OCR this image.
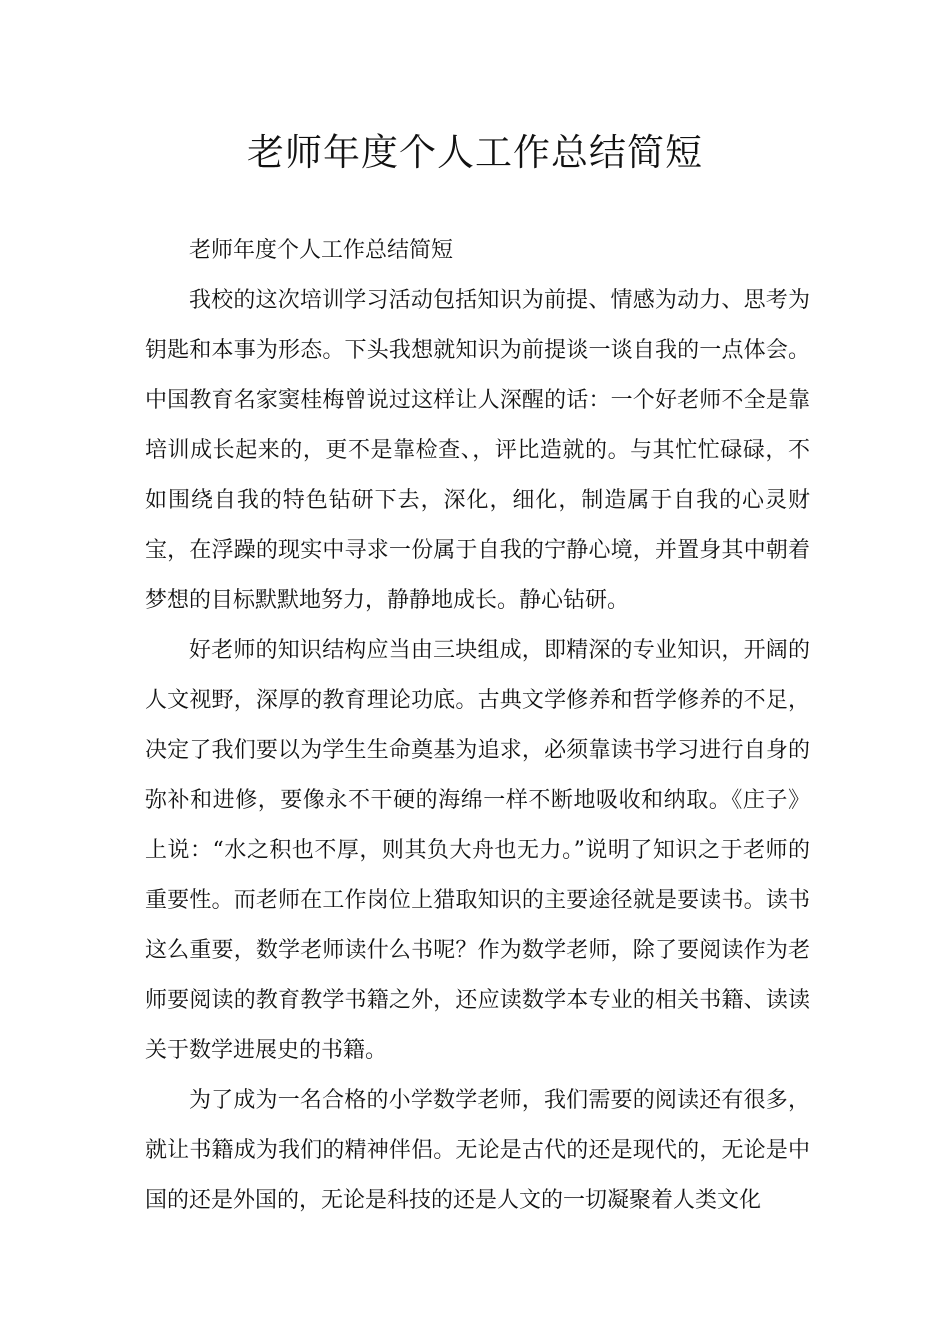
老师年度个人工作总结简短

老师年度个人工作总结简短

我校的这次培训学习活动包括知识为前提、情感为动力、思考为钥匙和本事为形态。下头我想就知识为前提谈一谈自我的一点体会。中国教育名家窦桂梅曾说过这样让人深醒的话：一个好老师不全是靠培训成长起来的，更不是靠检查、，评比造就的。与其忙忙碌碌，不如围绕自我的特色钻研下去，深化，细化，制造属于自我的心灵财宝，在浮躁的现实中寻求一份属于自我的宁静心境，并置身其中朝着梦想的目标默默地努力，静静地成长。静心钻研。

好老师的知识结构应当由三块组成，即精深的专业知识，开阔的人文视野，深厚的教育理论功底。古典文学修养和哲学修养的不足，决定了我们要以为学生生命奠基为追求，必须靠读书学习进行自身的弥补和进修，要像永不干硬的海绵一样不断地吸收和纳取。《庄子》上说：“水之积也不厚，则其负大舟也无力。”说明了知识之于老师的重要性。而老师在工作岗位上猎取知识的主要途径就是要读书。读书这么重要，数学老师读什么书呢？作为数学老师，除了要阅读作为老师要阅读的教育教学书籍之外，还应读数学本专业的相关书籍、读读关于数学进展史的书籍。

为了成为一名合格的小学数学老师，我们需要的阅读还有很多，就让书籍成为我们的精神伴侣。无论是古代的还是现代的，无论是中国的还是外国的，无论是科技的还是人文的一切凝聚着人类文化
